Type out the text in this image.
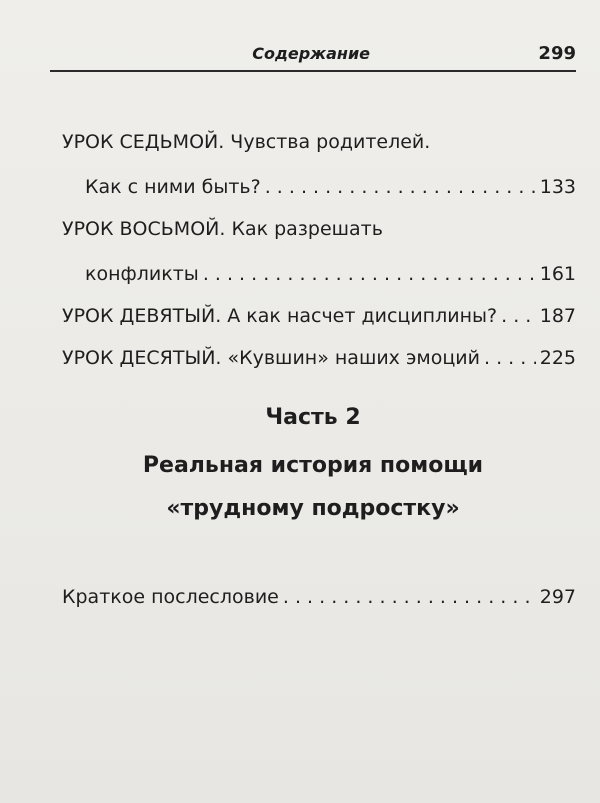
Содержание	299
УРОК СЕДЬМОЙ. Чувства родителей.
Как с ними быть? . . .	133
УРОК ВОСЬМОЙ. Как разрешать
конфликты . . .	161
УРОК ДЕВЯТЫЙ. А как насчет дисциплины? . . . 187
УРОК ДЕСЯТЫЙ. «Кувшин» наших эмоций . . .	225
Часть 2
Реальная история помощи
«трудному подростку»
Краткое послесловие . . .	297
